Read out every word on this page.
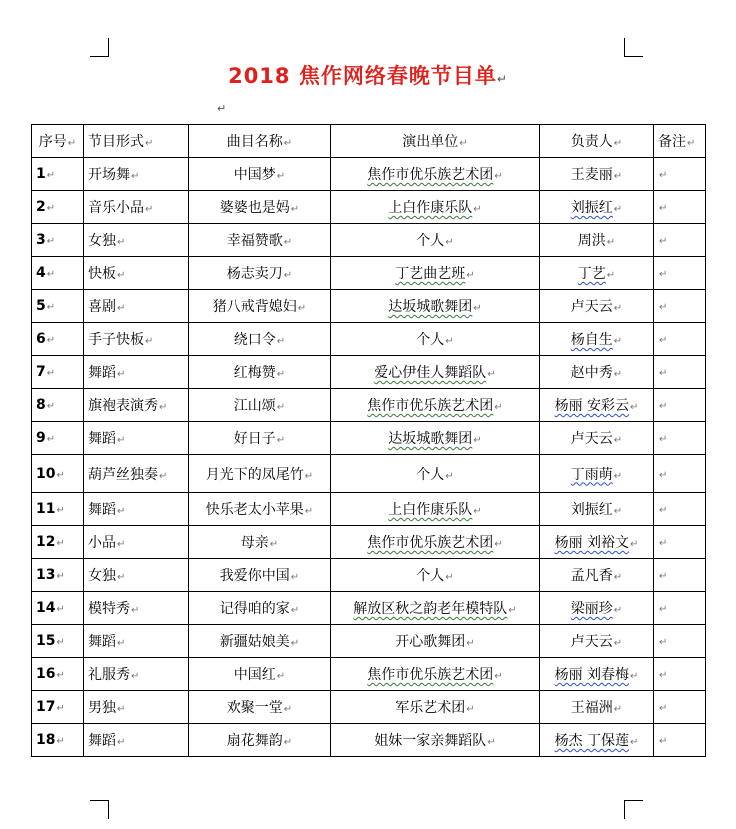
2018 焦作网络春晚节目单↵
↵
序号↵	节目形式↵	曲目名称↵	演出单位↵	负责人↵	备注↵
1↵	开场舞↵	中国梦↵	焦作市优乐族艺术团↵	王麦丽↵	↵
2↵	音乐小品↵	婆婆也是妈↵	上白作康乐队↵	刘振红↵	↵
3↵	女独↵	幸福赞歌↵	个人↵	周洪↵	↵
4↵	快板↵	杨志卖刀↵	丁艺曲艺班↵	丁艺↵	↵
5↵	喜剧↵	猪八戒背媳妇↵	达坂城歌舞团↵	卢天云↵	↵
6↵	手子快板↵	绕口令↵	个人↵	杨自生↵	↵
7↵	舞蹈↵	红梅赞↵	爱心伊佳人舞蹈队↵	赵中秀↵	↵
8↵	旗袍表演秀↵	江山颂↵	焦作市优乐族艺术团↵	杨丽 安彩云↵	↵
9↵	舞蹈↵	好日子↵	达坂城歌舞团↵	卢天云↵	↵
10↵	葫芦丝独奏↵	月光下的凤尾竹↵	个人↵	丁雨萌↵	↵
11↵	舞蹈↵	快乐老太小苹果↵	上白作康乐队↵	刘振红↵	↵
12↵	小品↵	母亲↵	焦作市优乐族艺术团↵	杨丽 刘裕文↵	↵
13↵	女独↵	我爱你中国↵	个人↵	孟凡香↵	↵
14↵	模特秀↵	记得咱的家↵	解放区秋之韵老年模特队↵	梁丽珍↵	↵
15↵	舞蹈↵	新疆姑娘美↵	开心歌舞团↵	卢天云↵	↵
16↵	礼服秀↵	中国红↵	焦作市优乐族艺术团↵	杨丽 刘春梅↵	↵
17↵	男独↵	欢聚一堂↵	军乐艺术团↵	王福洲↵	↵
18↵	舞蹈↵	扇花舞韵↵	姐妹一家亲舞蹈队↵	杨杰 丁保莲↵	↵
